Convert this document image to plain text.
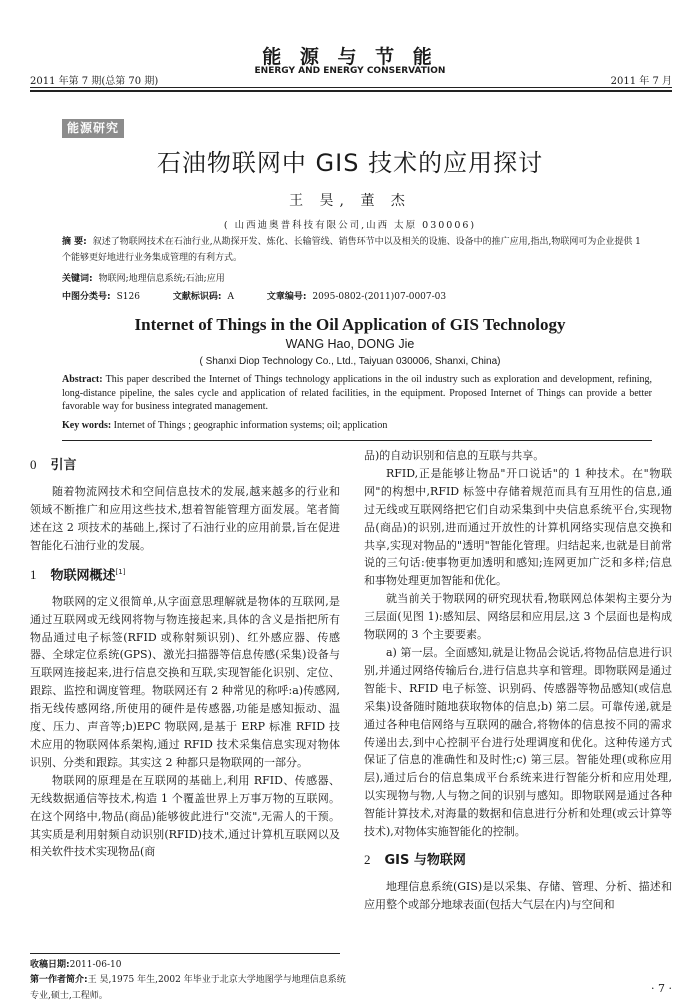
2011 年第 7 期(总第 70 期)
能 源 与 节 能
ENERGY AND ENERGY CONSERVATION
2011 年 7 月
能源研究
石油物联网中 GIS 技术的应用探讨
王 昊, 董 杰
( 山西迪奥普科技有限公司,山西 太原 030006)
摘 要: 叙述了物联网技术在石油行业,从勘探开发、炼化、长输管线、销售环节中以及相关的设施、设备中的推广应用,指出,物联网可为企业提供 1 个能够更好地进行业务集成管理的有利方式。
关键词: 物联网;地理信息系统;石油;应用
中图分类号: S126	文献标识码: A	文章编号: 2095-0802-(2011)07-0007-03
Internet of Things in the Oil Application of GIS Technology
WANG Hao, DONG Jie
( Shanxi Diop Technology Co., Ltd., Taiyuan 030006, Shanxi, China)
Abstract: This paper described the Internet of Things technology applications in the oil industry such as exploration and development, refining, long-distance pipeline, the sales cycle and application of related facilities, in the equipment. Proposed Internet of Things can provide a better favorable way for business integrated management.
Key words: Internet of Things ; geographic information systems; oil; application
0 引言

随着物流网技术和空间信息技术的发展,越来越多的行业和领域不断推广和应用这些技术,想着智能管理方面发展。笔者简述在这 2 项技术的基础上,探讨了石油行业的应用前景,旨在促进智能化石油行业的发展。

1 物联网概述[1]

物联网的定义很简单,从字面意思理解就是物体的互联网,是通过互联网或无线网将物与物连接起来,具体的含义是指把所有物品通过电子标签(RFID 或称射频识别)、红外感应器、传感器、全球定位系统(GPS)、激光扫描器等信息传感(采集)设备与互联网连接起来,进行信息交换和互联,实现智能化识别、定位、跟踪、监控和调度管理。物联网还有 2 种常见的称呼:a)传感网,指无线传感网络,所使用的硬件是传感器,功能是感知振动、温度、压力、声音等;b)EPC 物联网,是基于 ERP 标准 RFID 技术应用的物联网体系架构,通过 RFID 技术采集信息实现对物体识别、分类和跟踪。其实这 2 种都只是物联网的一部分。

物联网的原理是在互联网的基础上,利用 RFID、传感器、无线数据通信等技术,构造 1 个覆盖世界上万事万物的互联网。在这个网络中,物品(商品)能够彼此进行"交流",无需人的干预。其实质是利用射频自动识别(RFID)技术,通过计算机互联网以及相关软件技术实现物品(商

品)的自动识别和信息的互联与共享。

RFID,正是能够让物品"开口说话"的 1 种技术。在"物联网"的构想中,RFID 标签中存储着规范而具有互用性的信息,通过无线或互联网络把它们自动采集到中央信息系统平台,实现物品(商品)的识别,进而通过开放性的计算机网络实现信息交换和共享,实现对物品的"透明"智能化管理。归结起来,也就是目前常说的三句话:使事物更加透明和感知;连网更加广泛和多样;信息和事物处理更加智能和优化。

就当前关于物联网的研究现状看,物联网总体架构主要分为三层面(见图 1):感知层、网络层和应用层,这 3 个层面也是构成物联网的 3 个主要要素。

a) 第一层。全面感知,就是让物品会说话,将物品信息进行识别,并通过网络传输后台,进行信息共享和管理。即物联网是通过智能卡、RFID 电子标签、识别码、传感器等物品感知(或信息采集)设备随时随地获取物体的信息;b) 第二层。可靠传递,就是通过各种电信网络与互联网的融合,将物体的信息按不同的需求传递出去,到中心控制平台进行处理调度和优化。这种传递方式保证了信息的准确性和及时性;c) 第三层。智能处理(或称应用层),通过后台的信息集成平台系统来进行智能分析和应用处理,以实现物与物,人与物之间的识别与感知。即物联网是通过各种智能计算技术,对海量的数据和信息进行分析和处理(或云计算等技术),对物体实施智能化的控制。

2 GIS 与物联网

地理信息系统(GIS)是以采集、存储、管理、分析、描述和应用整个或部分地球表面(包括大气层在内)与空间和

收稿日期:2011-06-10
第一作者简介:王 昊,1975 年生,2002 年毕业于北京大学地图学与地理信息系统专业,硕士,工程师。
· 7 ·
